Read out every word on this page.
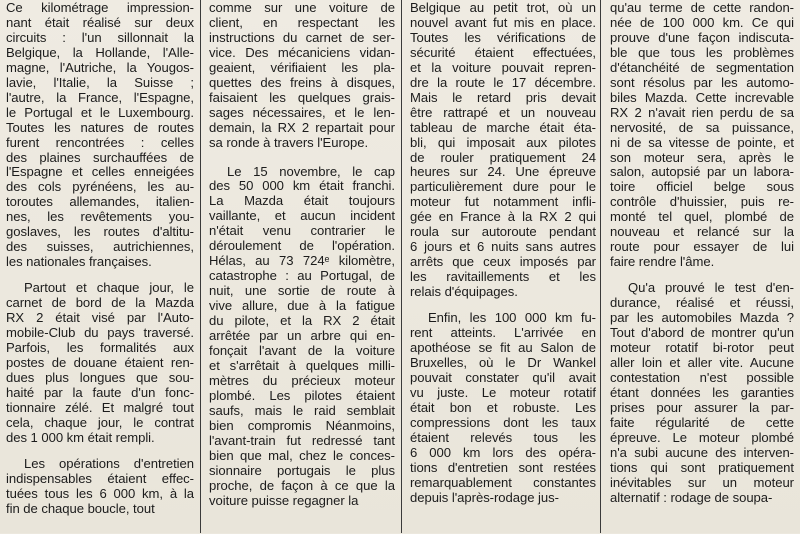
Ce kilométrage impression-
nant était réalisé sur deux
circuits : l'un sillonnait la
Belgique, la Hollande, l'Alle-
magne, l'Autriche, la Yougos-
lavie, l'Italie, la Suisse ;
l'autre, la France, l'Espagne,
le Portugal et le Luxembourg.
Toutes les natures de routes
furent rencontrées : celles
des plaines surchauffées de
l'Espagne et celles enneigées
des cols pyrénéens, les au-
toroutes allemandes, italien-
nes, les revêtements you-
goslaves, les routes d'altitu-
des suisses, autrichiennes,
les nationales françaises.
Partout et chaque jour, le
carnet de bord de la Mazda
RX 2 était visé par l'Auto-
mobile-Club du pays traversé.
Parfois, les formalités aux
postes de douane étaient ren-
dues plus longues que sou-
haité par la faute d'un fonc-
tionnaire zélé. Et malgré tout
cela, chaque jour, le contrat
des 1 000 km était rempli.
Les opérations d'entretien
indispensables étaient effec-
tuées tous les 6 000 km, à la
fin de chaque boucle, tout
comme sur une voiture de
client, en respectant les
instructions du carnet de ser-
vice. Des mécaniciens vidan-
geaient, vérifiaient les pla-
quettes des freins à disques,
faisaient les quelques grais-
sages nécessaires, et le len-
demain, la RX 2 repartait pour
sa ronde à travers l'Europe.
Le 15 novembre, le cap
des 50 000 km était franchi.
La Mazda était toujours
vaillante, et aucun incident
n'était venu contrarier le
déroulement de l'opération.
Hélas, au 73 724ᵉ kilomètre,
catastrophe : au Portugal, de
nuit, une sortie de route à
vive allure, due à la fatigue
du pilote, et la RX 2 était
arrêtée par un arbre qui en-
fonçait l'avant de la voiture
et s'arrêtait à quelques milli-
mètres du précieux moteur
plombé. Les pilotes étaient
saufs, mais le raid semblait
bien compromis Néanmoins,
l'avant-train fut redressé tant
bien que mal, chez le conces-
sionnaire portugais le plus
proche, de façon à ce que la
voiture puisse regagner la
Belgique au petit trot, où un
nouvel avant fut mis en place.
Toutes les vérifications de
sécurité étaient effectuées,
et la voiture pouvait repren-
dre la route le 17 décembre.
Mais le retard pris devait
être rattrapé et un nouveau
tableau de marche était éta-
bli, qui imposait aux pilotes
de rouler pratiquement 24
heures sur 24. Une épreuve
particulièrement dure pour le
moteur fut notamment infli-
gée en France à la RX 2 qui
roula sur autoroute pendant
6 jours et 6 nuits sans autres
arrêts que ceux imposés par
les ravitaillements et les
relais d'équipages.
Enfin, les 100 000 km fu-
rent atteints. L'arrivée en
apothéose se fit au Salon de
Bruxelles, où le Dr Wankel
pouvait constater qu'il avait
vu juste. Le moteur rotatif
était bon et robuste. Les
compressions dont les taux
étaient relevés tous les
6 000 km lors des opéra-
tions d'entretien sont restées
remarquablement constantes
depuis l'après-rodage jus-
qu'au terme de cette randon-
née de 100 000 km. Ce qui
prouve d'une façon indiscuta-
ble que tous les problèmes
d'étanchéité de segmentation
sont résolus par les automo-
biles Mazda. Cette increvable
RX 2 n'avait rien perdu de sa
nervosité, de sa puissance,
ni de sa vitesse de pointe, et
son moteur sera, après le
salon, autopsié par un labora-
toire officiel belge sous
contrôle d'huissier, puis re-
monté tel quel, plombé de
nouveau et relancé sur la
route pour essayer de lui
faire rendre l'âme.
Qu'a prouvé le test d'en-
durance, réalisé et réussi,
par les automobiles Mazda ?
Tout d'abord de montrer qu'un
moteur rotatif bi-rotor peut
aller loin et aller vite. Aucune
contestation n'est possible
étant données les garanties
prises pour assurer la par-
faite régularité de cette
épreuve. Le moteur plombé
n'a subi aucune des interven-
tions qui sont pratiquement
inévitables sur un moteur
alternatif : rodage de soupa-
